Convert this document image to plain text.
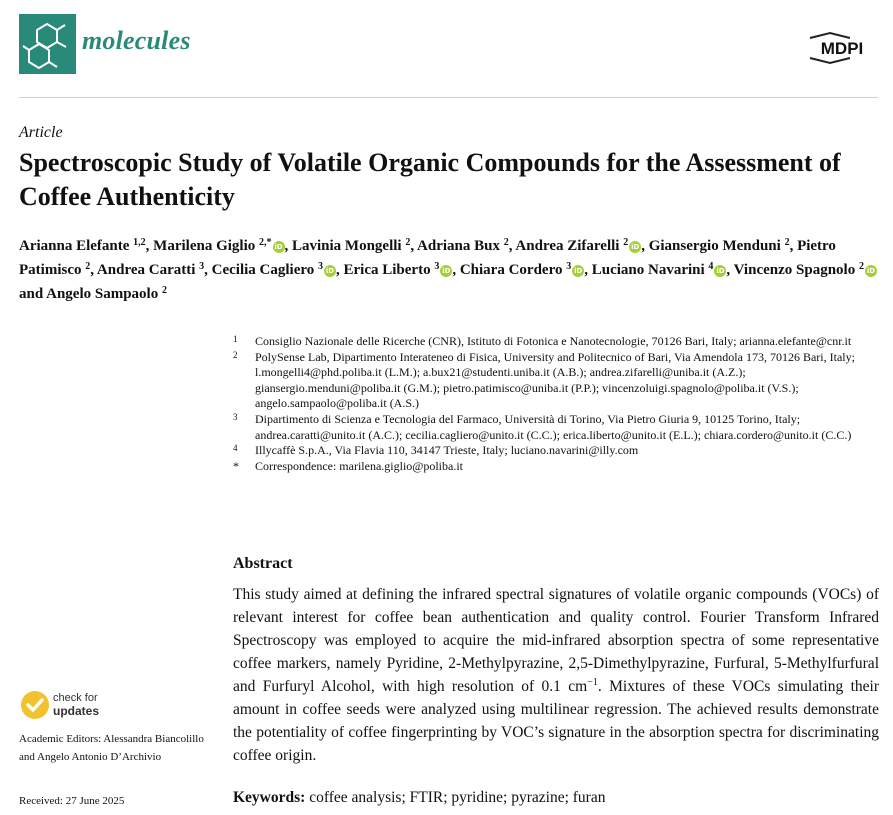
molecules	MDPI
Article
Spectroscopic Study of Volatile Organic Compounds for the Assessment of Coffee Authenticity
Arianna Elefante $^{1,2}$, Marilena Giglio $^{2,*}$ iD , Lavinia Mongelli $^2$, Adriana Bux $^2$, Andrea Zifarelli $^2$ iD , Giansergio Menduni $^2$, Pietro Patimisco $^2$, Andrea Caratti $^3$, Cecilia Cagliero $^3$ iD , Erica Liberto $^3$ iD , Chiara Cordero $^3$ iD , Luciano Navarini $^4$ iD , Vincenzo Spagnolo $^2$ iD and Angelo Sampaolo $^2$
1 Consiglio Nazionale delle Ricerche (CNR), Istituto di Fotonica e Nanotecnologie, 70126 Bari, Italy; arianna.elefante@cnr.it
2 PolySense Lab, Dipartimento Interateneo di Fisica, University and Politecnico of Bari, Via Amendola 173, 70126 Bari, Italy; l.mongelli4@phd.poliba.it (L.M.); a.bux21@studenti.uniba.it (A.B.); andrea.zifarelli@uniba.it (A.Z.); giansergio.menduni@poliba.it (G.M.); pietro.patimisco@uniba.it (P.P.); vincenzoluigi.spagnolo@poliba.it (V.S.); angelo.sampaolo@poliba.it (A.S.)
3 Dipartimento di Scienza e Tecnologia del Farmaco, Università di Torino, Via Pietro Giuria 9, 10125 Torino, Italy; andrea.caratti@unito.it (A.C.); cecilia.cagliero@unito.it (C.C.); erica.liberto@unito.it (E.L.); chiara.cordero@unito.it (C.C.)
4 Illycaffè S.p.A., Via Flavia 110, 34147 Trieste, Italy; luciano.navarini@illy.com
* Correspondence: marilena.giglio@poliba.it
Abstract
This study aimed at defining the infrared spectral signatures of volatile organic compounds (VOCs) of relevant interest for coffee bean authentication and quality control. Fourier Transform Infrared Spectroscopy was employed to acquire the mid-infrared absorption spectra of some representative coffee markers, namely Pyridine, 2-Methylpyrazine, 2,5-Dimethylpyrazine, Furfural, 5-Methylfurfural and Furfuryl Alcohol, with high resolution of 0.1 $cm^{-1}$. Mixtures of these VOCs simulating their amount in coffee seeds were analyzed using multilinear regression. The achieved results demonstrate the potentiality of coffee fingerprinting by VOC’s signature in the absorption spectra for discriminating coffee origin.
Keywords: coffee analysis; FTIR; pyridine; pyrazine; furan
check for
updates
Academic Editors: Alessandra Biancolillo and Angelo Antonio D’Archivio
Received: 27 June 2025
